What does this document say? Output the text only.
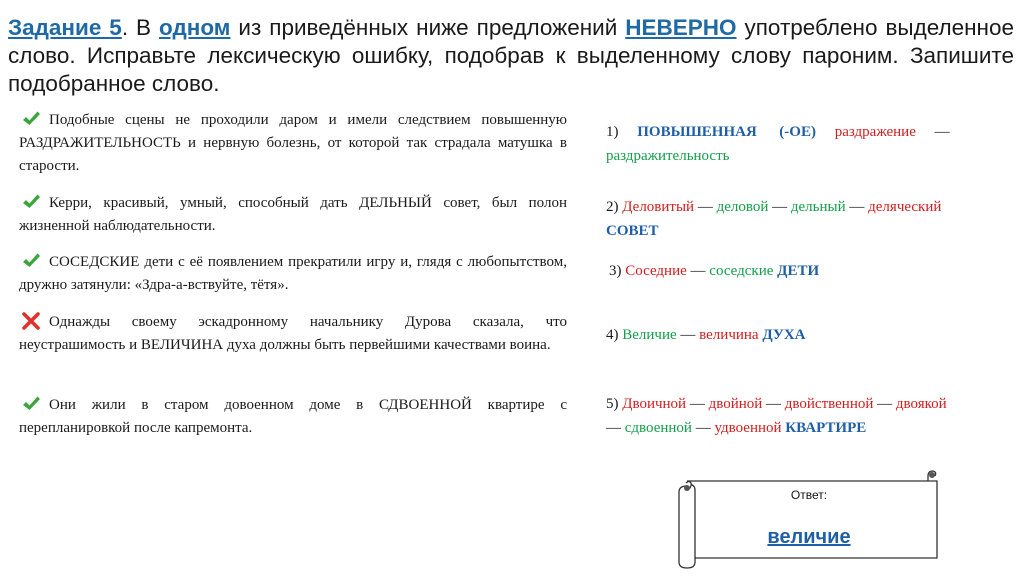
Задание 5. В одном из приведённых ниже предложений НЕВЕРНО употреблено выделенное слово. Исправьте лексическую ошибку, подобрав к выделенному слову пароним. Запишите подобранное слово.
Подобные сцены не проходили даром и имели следствием повышенную РАЗДРАЖИТЕЛЬНОСТЬ и нервную болезнь, от которой так страдала матушка в старости.
Керри, красивый, умный, способный дать ДЕЛЬНЫЙ совет, был полон жизненной наблюдательности.
СОСЕДСКИЕ дети с её появлением прекратили игру и, глядя с любопытством, дружно затянули: «Здра-а-вствуйте, тётя».
Однажды своему эскадронному начальнику Дурова сказала, что неустрашимость и ВЕЛИЧИНА духа должны быть первейшими качествами воина.
Они жили в старом довоенном доме в СДВОЕННОЙ квартире с перепланировкой после капремонта.
1) ПОВЫШЕННАЯ (-ОЕ) раздражение —
раздражительность
2) Деловитый — деловой — дельный — деляческий
СОВЕТ
3) Соседние — соседские ДЕТИ
4) Величие — величина ДУХА
5) Двоичной — двойной — двойственной — двоякой
— сдвоенной — удвоенной КВАРТИРЕ
Ответ:
величие
